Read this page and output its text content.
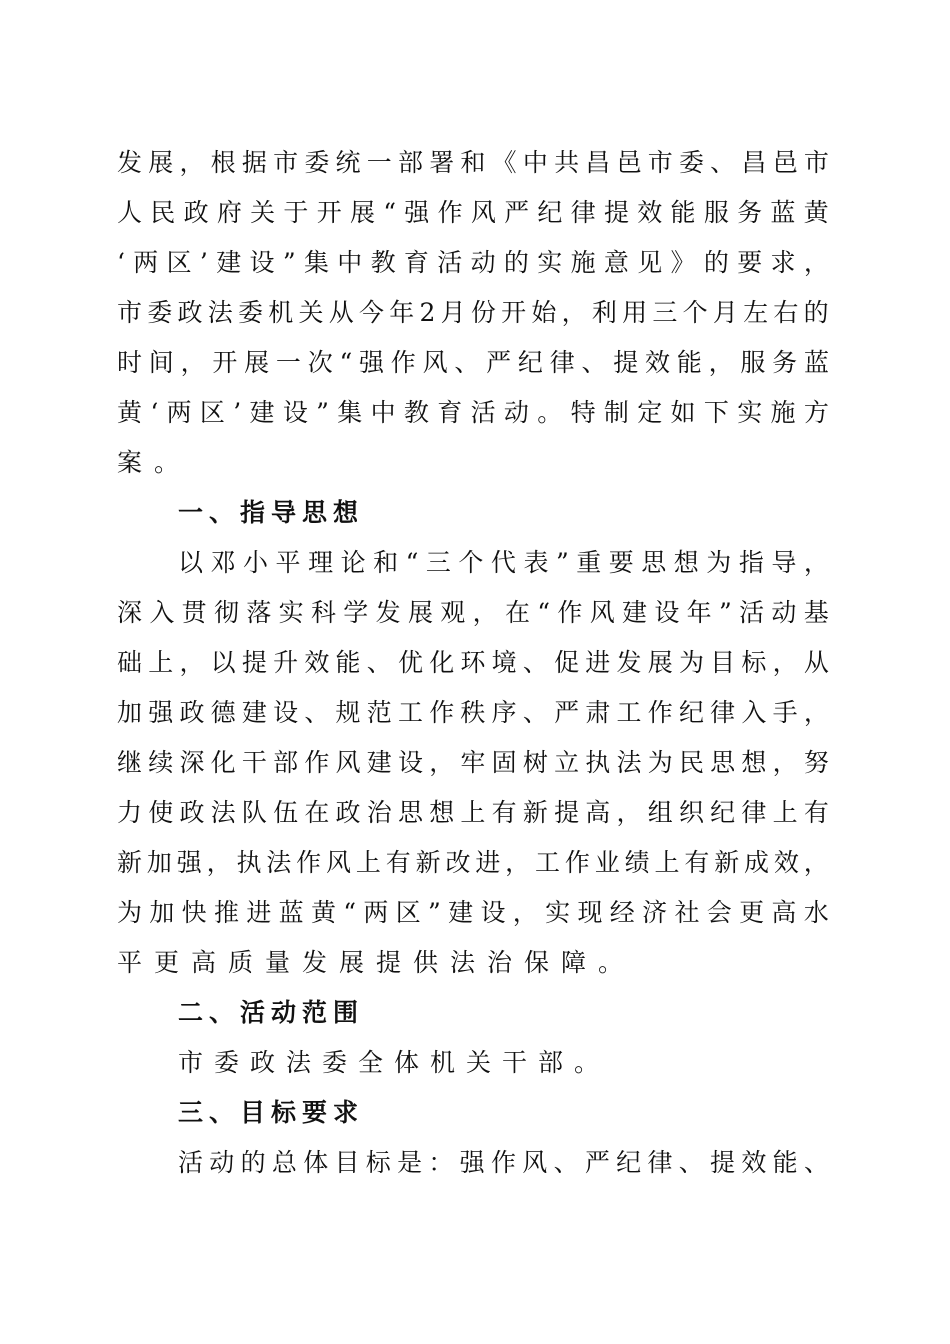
发 展 ， 根 据 市 委 统 一 部 署 和 《 中 共 昌 邑 市 委 、 昌 邑 市
人 民 政 府 关 于 开 展 “ 强 作 风 严 纪 律 提 效 能 服 务 蓝 黄
‘ 两 区 ’ 建 设 ” 集 中 教 育 活 动 的 实 施 意 见 》 的 要 求 ，
市 委 政 法 委 机 关 从 今 年 2 月 份 开 始 ， 利 用 三 个 月 左 右 的
时 间 ， 开 展 一 次 “ 强 作 风 、 严 纪 律 、 提 效 能 ， 服 务 蓝
黄 ‘ 两 区 ’ 建 设 ” 集 中 教 育 活 动 。 特 制 定 如 下 实 施 方
案。
一、指导思想
以 邓 小 平 理 论 和 “ 三 个 代 表 ” 重 要 思 想 为 指 导 ，
深 入 贯 彻 落 实 科 学 发 展 观 ， 在 “ 作 风 建 设 年 ” 活 动 基
础 上 ， 以 提 升 效 能 、 优 化 环 境 、 促 进 发 展 为 目 标 ， 从
加 强 政 德 建 设 、 规 范 工 作 秩 序 、 严 肃 工 作 纪 律 入 手 ，
继 续 深 化 干 部 作 风 建 设 ， 牢 固 树 立 执 法 为 民 思 想 ， 努
力 使 政 法 队 伍 在 政 治 思 想 上 有 新 提 高 ， 组 织 纪 律 上 有
新 加 强 ， 执 法 作 风 上 有 新 改 进 ， 工 作 业 绩 上 有 新 成 效 ，
为 加 快 推 进 蓝 黄 “ 两 区 ” 建 设 ， 实 现 经 济 社 会 更 高 水
平更高质量发展提供法治保障。
二、活动范围
市委政法委全体机关干部。
三、目标要求
活 动 的 总 体 目 标 是 ： 强 作 风 、 严 纪 律 、 提 效 能 、
